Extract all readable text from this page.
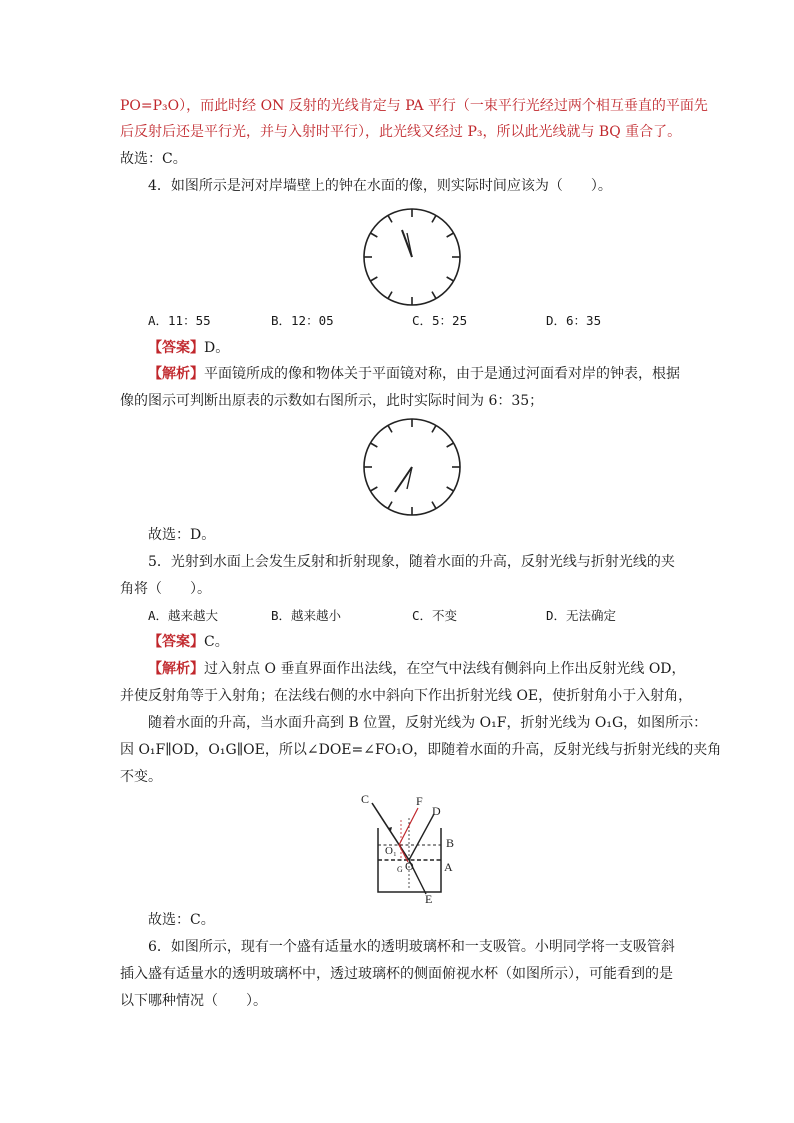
PO=P₃O），而此时经 ON 反射的光线肯定与 PA 平行（一束平行光经过两个相互垂直的平面先
后反射后还是平行光，并与入射时平行），此光线又经过 P₃，所以此光线就与 BQ 重合了。
故选：C。
4．如图所示是河对岸墙壁上的钟在水面的像，则实际时间应该为（　　）。
A．11：55	B．12：05	C．5：25	D．6：35
【答案】D。
【解析】平面镜所成的像和物体关于平面镜对称，由于是通过河面看对岸的钟表，根据
像的图示可判断出原表的示数如右图所示，此时实际时间为 6：35；
故选：D。
5．光射到水面上会发生反射和折射现象，随着水面的升高，反射光线与折射光线的夹
角将（　　）。
A．越来越大	B．越来越小	C．不变	D．无法确定
【答案】C。
【解析】过入射点 O 垂直界面作出法线，在空气中法线有侧斜向上作出反射光线 OD，
并使反射角等于入射角；在法线右侧的水中斜向下作出折射光线 OE，使折射角小于入射角，
随着水面的升高，当水面升高到 B 位置，反射光线为 O₁F，折射光线为 O₁G，如图所示：
因 O₁F∥OD，O₁G∥OE，所以∠DOE=∠FO₁O，即随着水面的升高，反射光线与折射光线的夹角
不变。
C	F
D
B
A
O₁
O
G
E
故选：C。
6．如图所示，现有一个盛有适量水的透明玻璃杯和一支吸管。小明同学将一支吸管斜
插入盛有适量水的透明玻璃杯中，透过玻璃杯的侧面俯视水杯（如图所示），可能看到的是
以下哪种情况（　　）。
